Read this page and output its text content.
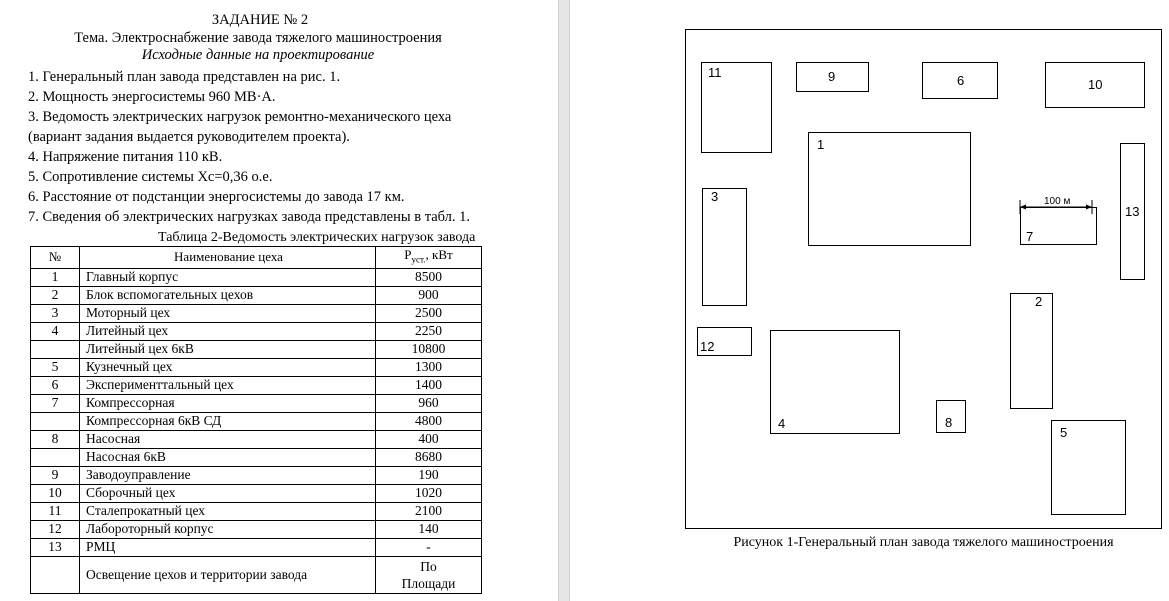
ЗАДАНИЕ № 2
Тема. Электроснабжение завода тяжелого машиностроения
Исходные данные на проектирование
1. Генеральный план завода представлен на рис. 1.
2. Мощность энергосистемы 960 МВ·А.
3. Ведомость электрических нагрузок ремонтно-механического цеха
(вариант задания выдается руководителем проекта).
4. Напряжение питания 110 кВ.
5. Сопротивление системы Хс=0,36 о.е.
6. Расстояние от подстанции энергосистемы до завода 17 км.
7. Сведения об электрических нагрузках завода представлены в табл. 1.
Таблица 2-Ведомость электрических нагрузок завода
№	Наименование цеха	$P_{уст.}$, кВт
1	Главный корпус	8500
2	Блок вспомогательных цехов	900
3	Моторный цех	2500
4	Литейный цех	2250
	Литейный цех 6кВ	10800
5	Кузнечный цех	1300
6	Эксперименттальный цех	1400
7	Компрессорная	960
	Компрессорная 6кВ СД	4800
8	Насосная	400
	Насосная 6кВ	8680
9	Заводоуправление	190
10	Сборочный цех	1020
11	Сталепрокатный цех	2100
12	Лабороторный корпус	140
13	РМЦ	-
	Освещение цехов и территории завода	По
Площади
11	9	6	10
1
13
3
7
100 м
2
12
4	8
5
Рисунок 1-Генеральный план завода тяжелого машиностроения
